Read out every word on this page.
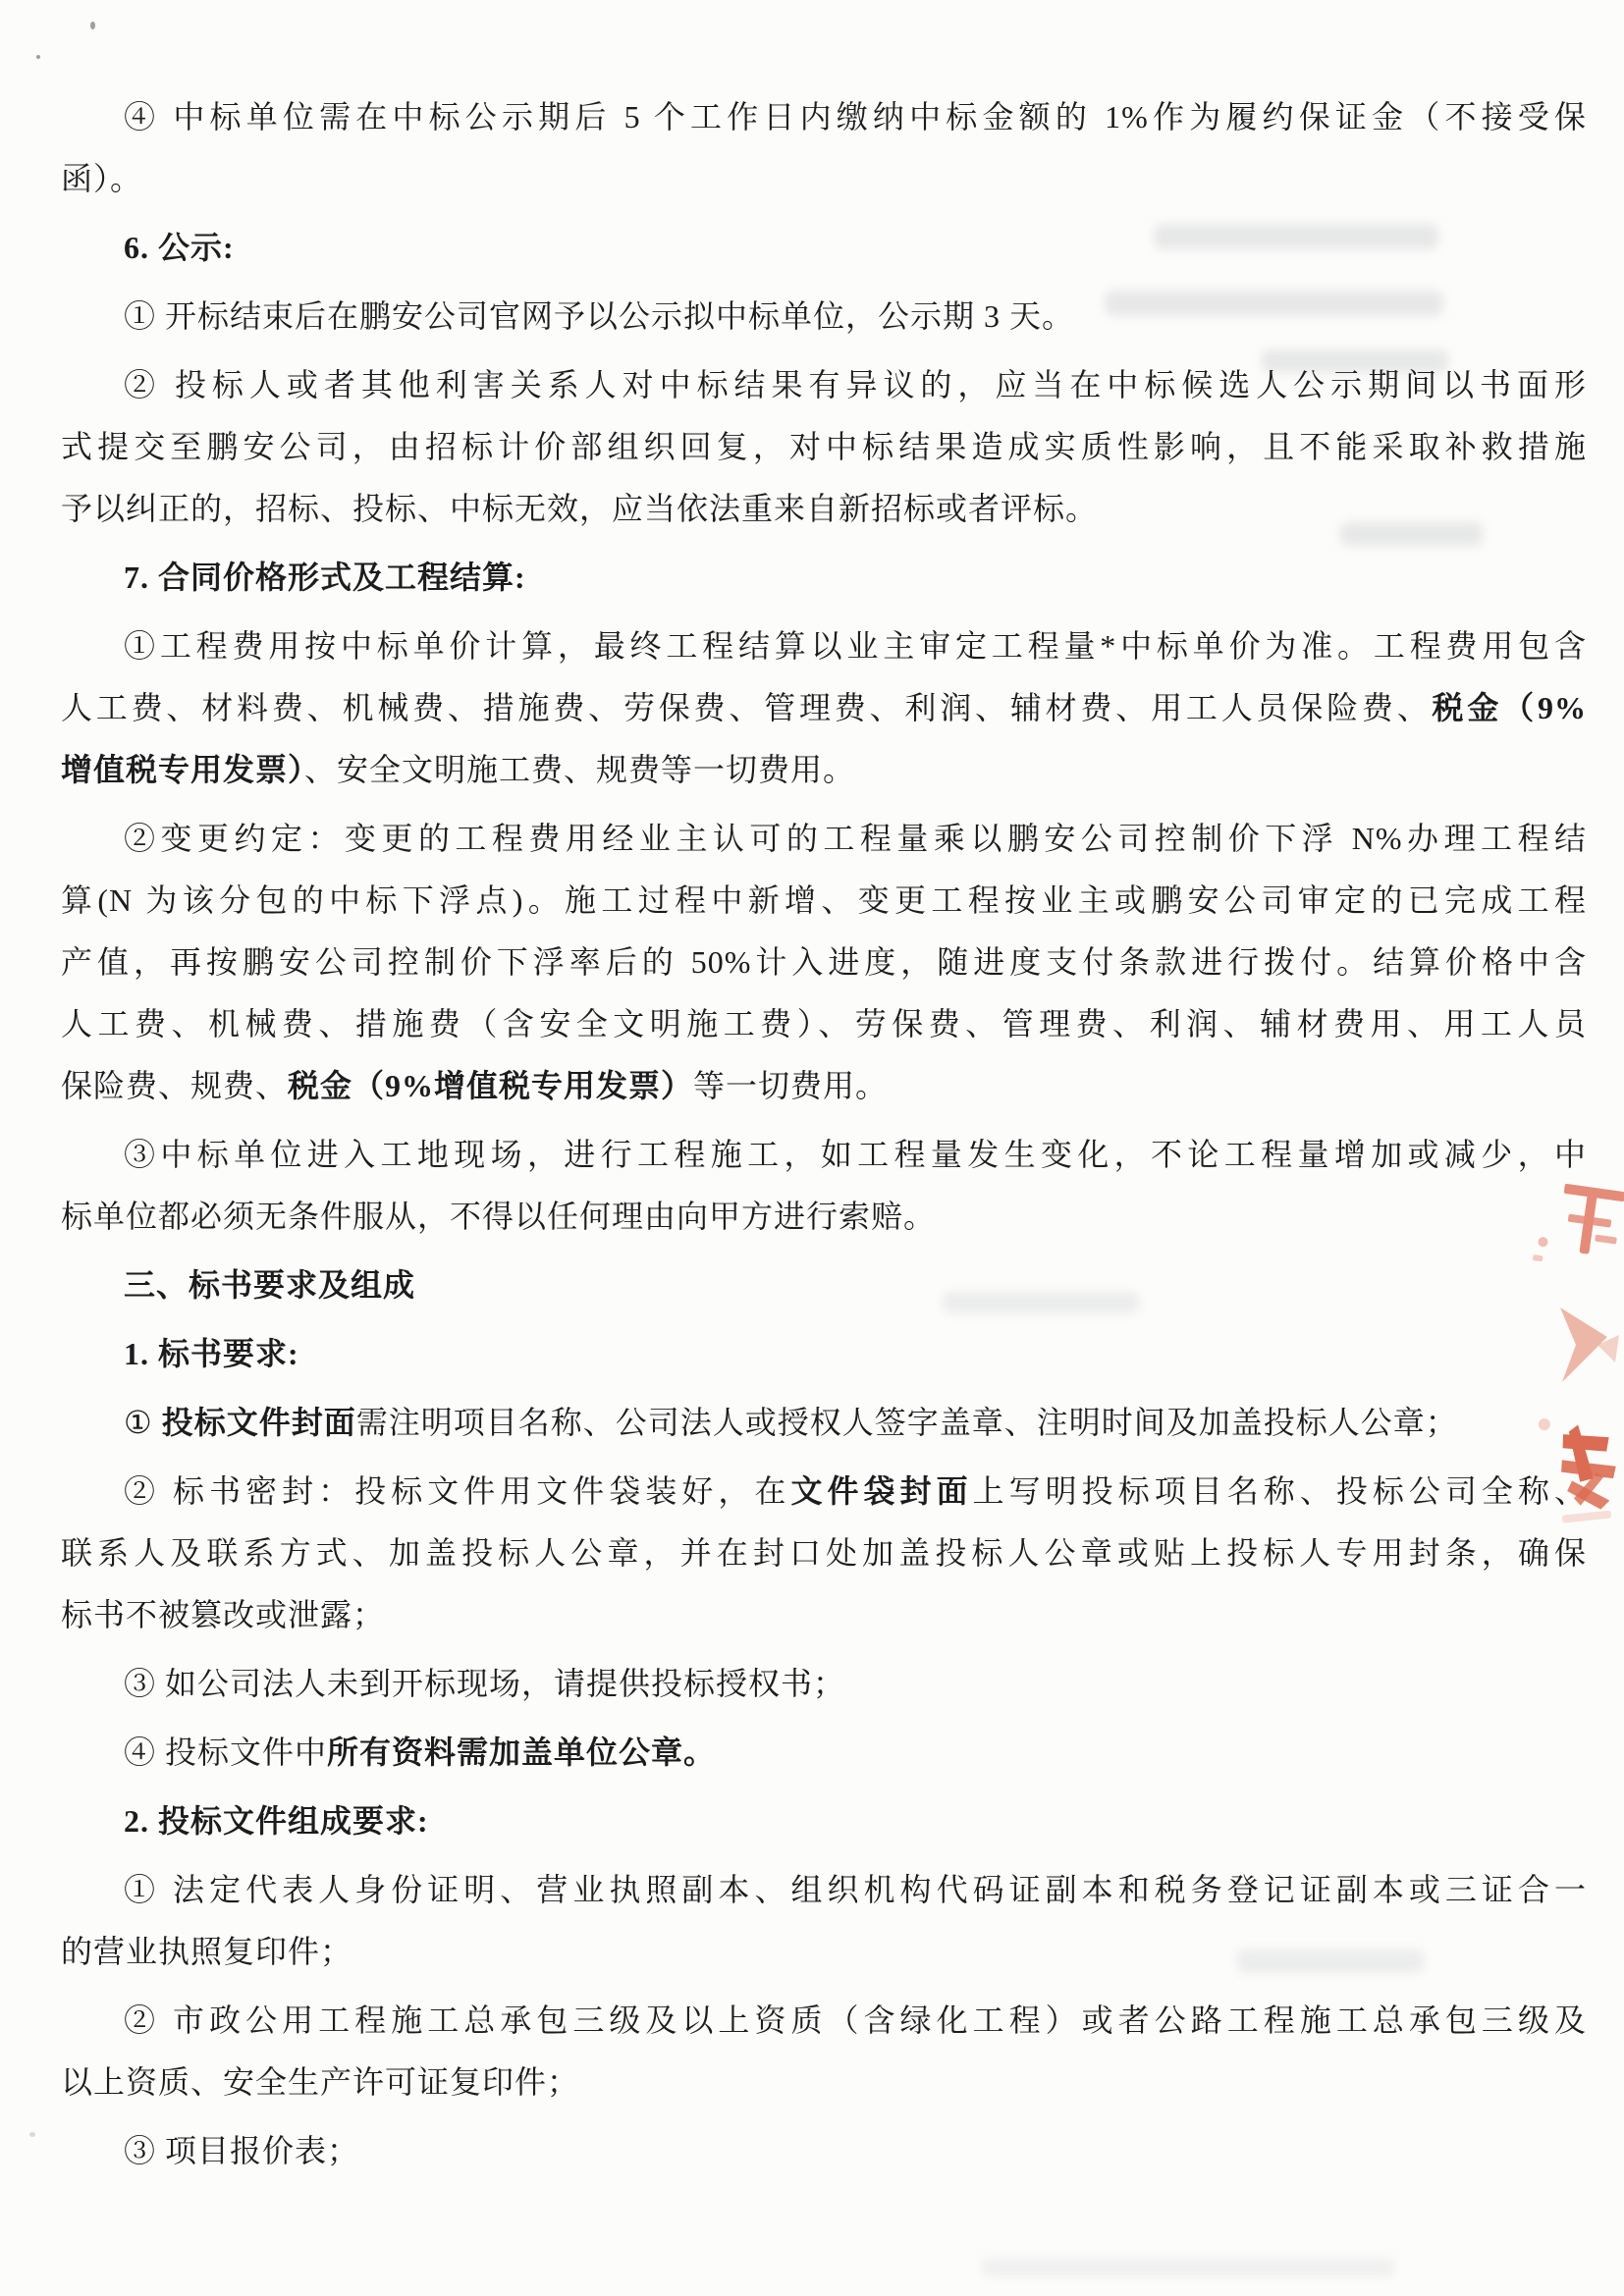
④ 中标单位需在中标公示期后 5 个工作日内缴纳中标金额的 1%作为履约保证金（不接受保
函）。
6. 公示:
① 开标结束后在鹏安公司官网予以公示拟中标单位，公示期 3 天。
② 投标人或者其他利害关系人对中标结果有异议的，应当在中标候选人公示期间以书面形
式提交至鹏安公司，由招标计价部组织回复，对中标结果造成实质性影响，且不能采取补救措施
予以纠正的，招标、投标、中标无效，应当依法重来自新招标或者评标。
7. 合同价格形式及工程结算:
①工程费用按中标单价计算，最终工程结算以业主审定工程量*中标单价为准。工程费用包含
人工费、材料费、机械费、措施费、劳保费、管理费、利润、辅材费、用工人员保险费、税金（9%
增值税专用发票）、安全文明施工费、规费等一切费用。
②变更约定：变更的工程费用经业主认可的工程量乘以鹏安公司控制价下浮 N%办理工程结
算(N 为该分包的中标下浮点)。施工过程中新增、变更工程按业主或鹏安公司审定的已完成工程
产值，再按鹏安公司控制价下浮率后的 50%计入进度，随进度支付条款进行拨付。结算价格中含
人工费、机械费、措施费（含安全文明施工费）、劳保费、管理费、利润、辅材费用、用工人员
保险费、规费、税金（9%增值税专用发票）等一切费用。
③中标单位进入工地现场，进行工程施工，如工程量发生变化，不论工程量增加或减少，中
标单位都必须无条件服从，不得以任何理由向甲方进行索赔。
三、标书要求及组成
1. 标书要求:
① 投标文件封面需注明项目名称、公司法人或授权人签字盖章、注明时间及加盖投标人公章；
② 标书密封：投标文件用文件袋装好，在文件袋封面上写明投标项目名称、投标公司全称、
联系人及联系方式、加盖投标人公章，并在封口处加盖投标人公章或贴上投标人专用封条，确保
标书不被篡改或泄露；
③ 如公司法人未到开标现场，请提供投标授权书；
④ 投标文件中所有资料需加盖单位公章。
2. 投标文件组成要求:
① 法定代表人身份证明、营业执照副本、组织机构代码证副本和税务登记证副本或三证合一
的营业执照复印件；
② 市政公用工程施工总承包三级及以上资质（含绿化工程）或者公路工程施工总承包三级及
以上资质、安全生产许可证复印件；
③ 项目报价表；
